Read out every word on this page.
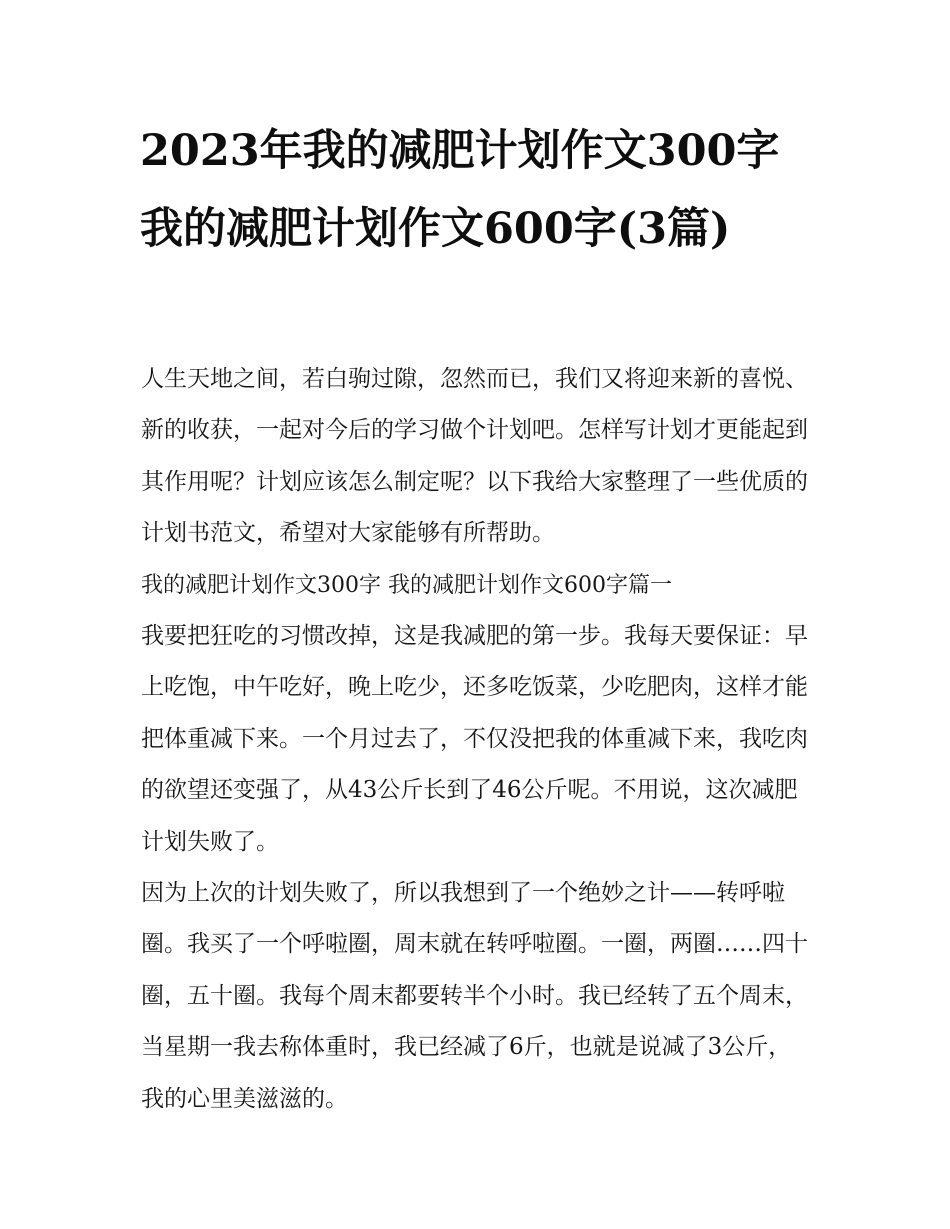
2023年我的减肥计划作文300字 我的减肥计划作文600字(3篇)

人生天地之间，若白驹过隙，忽然而已，我们又将迎来新的喜悦、新的收获，一起对今后的学习做个计划吧。怎样写计划才更能起到其作用呢？计划应该怎么制定呢？以下我给大家整理了一些优质的计划书范文，希望对大家能够有所帮助。

我的减肥计划作文300字 我的减肥计划作文600字篇一

我要把狂吃的习惯改掉，这是我减肥的第一步。我每天要保证：早上吃饱，中午吃好，晚上吃少，还多吃饭菜，少吃肥肉，这样才能把体重减下来。一个月过去了，不仅没把我的体重减下来，我吃肉的欲望还变强了，从43公斤长到了46公斤呢。不用说，这次减肥计划失败了。

因为上次的计划失败了，所以我想到了一个绝妙之计——转呼啦圈。我买了一个呼啦圈，周末就在转呼啦圈。一圈，两圈……四十圈，五十圈。我每个周末都要转半个小时。我已经转了五个周末，当星期一我去称体重时，我已经减了6斤，也就是说减了3公斤，我的心里美滋滋的。
